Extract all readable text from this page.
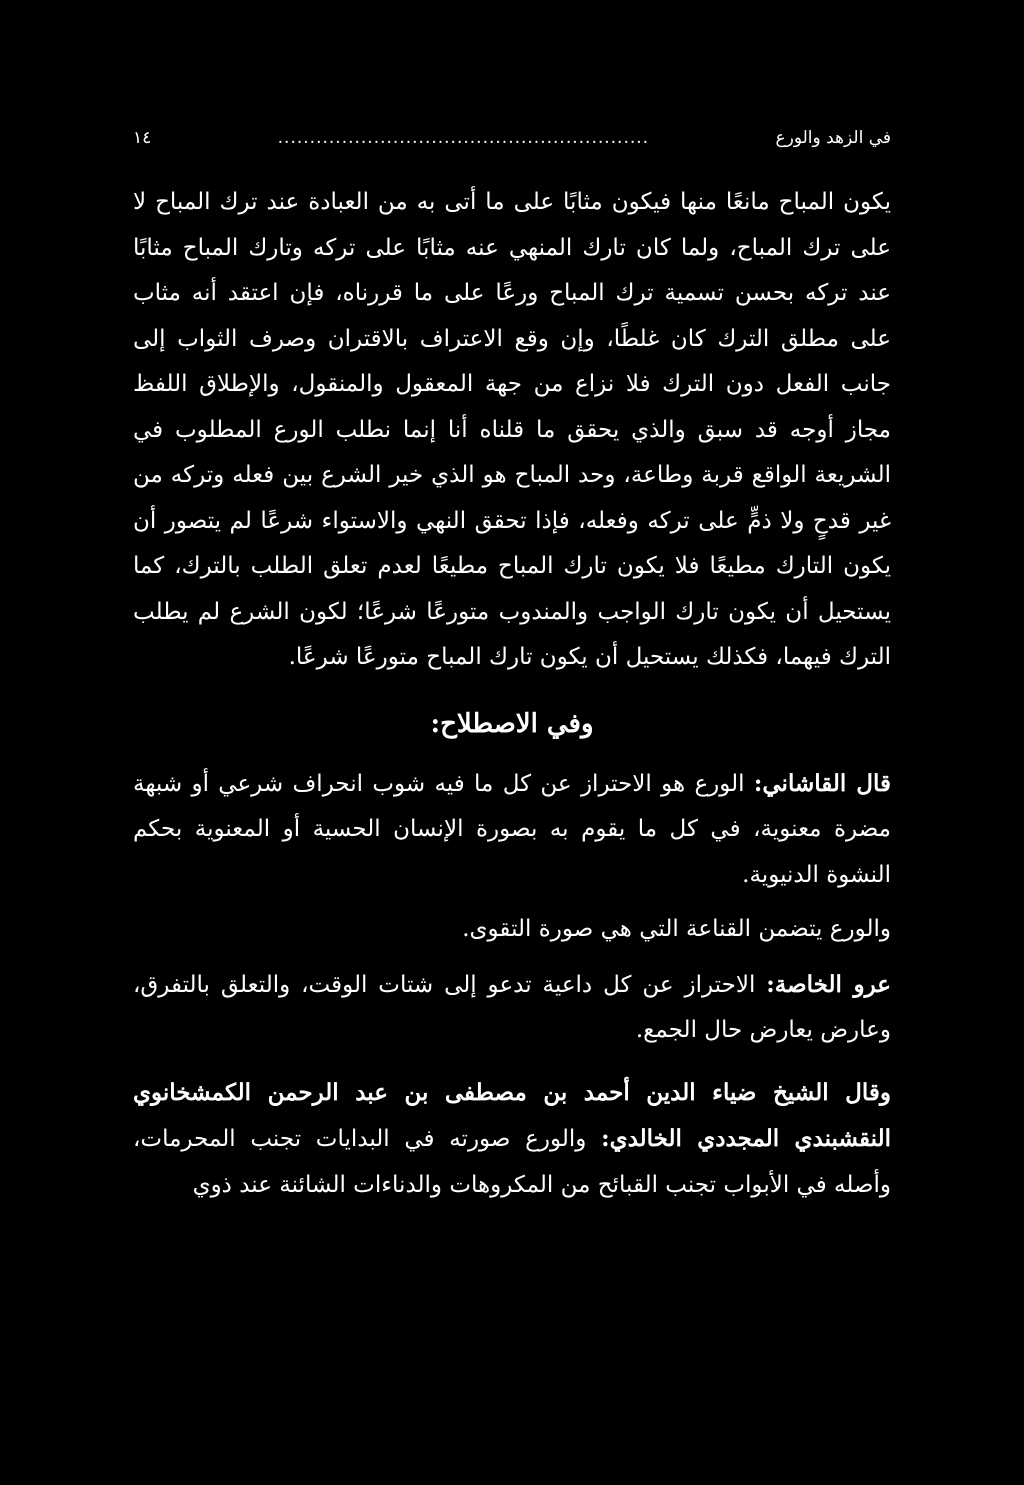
في الزهد والورع
..........................................................
١٤

يكون المباح مانعًا منها فيكون مثابًا على ما أتى به من العبادة عند ترك المباح لا على ترك المباح، ولما كان تارك المنهي عنه مثابًا على تركه وتارك المباح مثابًا عند تركه بحسن تسمية ترك المباح ورعًا على ما قررناه، فإن اعتقد أنه مثاب على مطلق الترك كان غلطًا، وإن وقع الاعتراف بالاقتران وصرف الثواب إلى جانب الفعل دون الترك فلا نزاع من جهة المعقول والمنقول، والإطلاق اللفظ مجاز أوجه قد سبق والذي يحقق ما قلناه أنا إنما نطلب الورع المطلوب في الشريعة الواقع قربة وطاعة، وحد المباح هو الذي خير الشرع بين فعله وتركه من غير قدحٍ ولا ذمٍّ على تركه وفعله، فإذا تحقق النهي والاستواء شرعًا لم يتصور أن يكون التارك مطيعًا فلا يكون تارك المباح مطيعًا لعدم تعلق الطلب بالترك، كما يستحيل أن يكون تارك الواجب والمندوب متورعًا شرعًا؛ لكون الشرع لم يطلب الترك فيهما، فكذلك يستحيل أن يكون تارك المباح متورعًا شرعًا.

وفي الاصطلاح:

قال القاشاني: الورع هو الاحتراز عن كل ما فيه شوب انحراف شرعي أو شبهة مضرة معنوية، في كل ما يقوم به بصورة الإنسان الحسية أو المعنوية بحكم النشوة الدنيوية.

والورع يتضمن القناعة التي هي صورة التقوى.

عرو الخاصة: الاحتراز عن كل داعية تدعو إلى شتات الوقت، والتعلق بالتفرق، وعارض يعارض حال الجمع.

وقال الشيخ ضياء الدين أحمد بن مصطفى بن عبد الرحمن الكمشخانوي النقشبندي المجددي الخالدي: والورع صورته في البدايات تجنب المحرمات، وأصله في الأبواب تجنب القبائح من المكروهات والدناءات الشائنة عند ذوي
